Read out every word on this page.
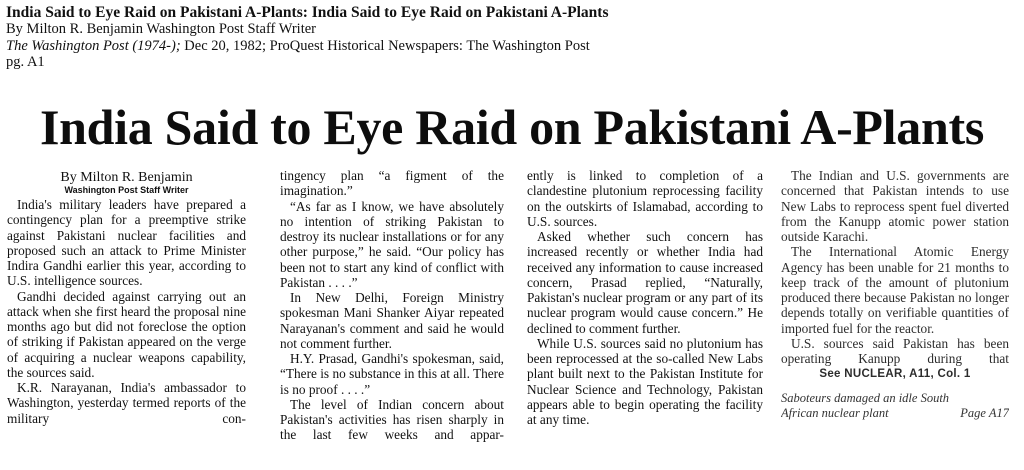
India Said to Eye Raid on Pakistani A-Plants: India Said to Eye Raid on Pakistani A-Plants
By Milton R. Benjamin Washington Post Staff Writer
The Washington Post (1974-); Dec 20, 1982; ProQuest Historical Newspapers: The Washington Post
pg. A1
India Said to Eye Raid on Pakistani A-Plants
By Milton R. Benjamin
Washington Post Staff Writer

India's military leaders have prepared a contingency plan for a preemptive strike against Pakistani nuclear facilities and proposed such an attack to Prime Minister Indira Gandhi earlier this year, according to U.S. intelligence sources.

Gandhi decided against carrying out an attack when she first heard the proposal nine months ago but did not foreclose the option of striking if Pakistan appeared on the verge of acquiring a nuclear weapons capability, the sources said.

K.R. Narayanan, India's ambassador to Washington, yesterday termed reports of the military con-

tingency plan “a figment of the imagination.”

“As far as I know, we have absolutely no intention of striking Pakistan to destroy its nuclear installations or for any other purpose,” he said. “Our policy has been not to start any kind of conflict with Pakistan . . . .”

In New Delhi, Foreign Ministry spokesman Mani Shanker Aiyar repeated Narayanan's comment and said he would not comment further.

H.Y. Prasad, Gandhi's spokesman, said, “There is no substance in this at all. There is no proof . . . .”

The level of Indian concern about Pakistan's activities has risen sharply in the last few weeks and appar-

ently is linked to completion of a clandestine plutonium reprocessing facility on the outskirts of Islamabad, according to U.S. sources.

Asked whether such concern has increased recently or whether India had received any information to cause increased concern, Prasad replied, “Naturally, Pakistan's nuclear program or any part of its nuclear program would cause concern.” He declined to comment further.

While U.S. sources said no plutonium has been reprocessed at the so-called New Labs plant built next to the Pakistan Institute for Nuclear Science and Technology, Pakistan appears able to begin operating the facility at any time.

The Indian and U.S. governments are concerned that Pakistan intends to use New Labs to reprocess spent fuel diverted from the Kanupp atomic power station outside Karachi.

The International Atomic Energy Agency has been unable for 21 months to keep track of the amount of plutonium produced there because Pakistan no longer depends totally on verifiable quantities of imported fuel for the reactor.

U.S. sources said Pakistan has been operating Kanupp during that

See NUCLEAR, A11, Col. 1
Saboteurs damaged an idle South
African nuclear plant	Page A17
